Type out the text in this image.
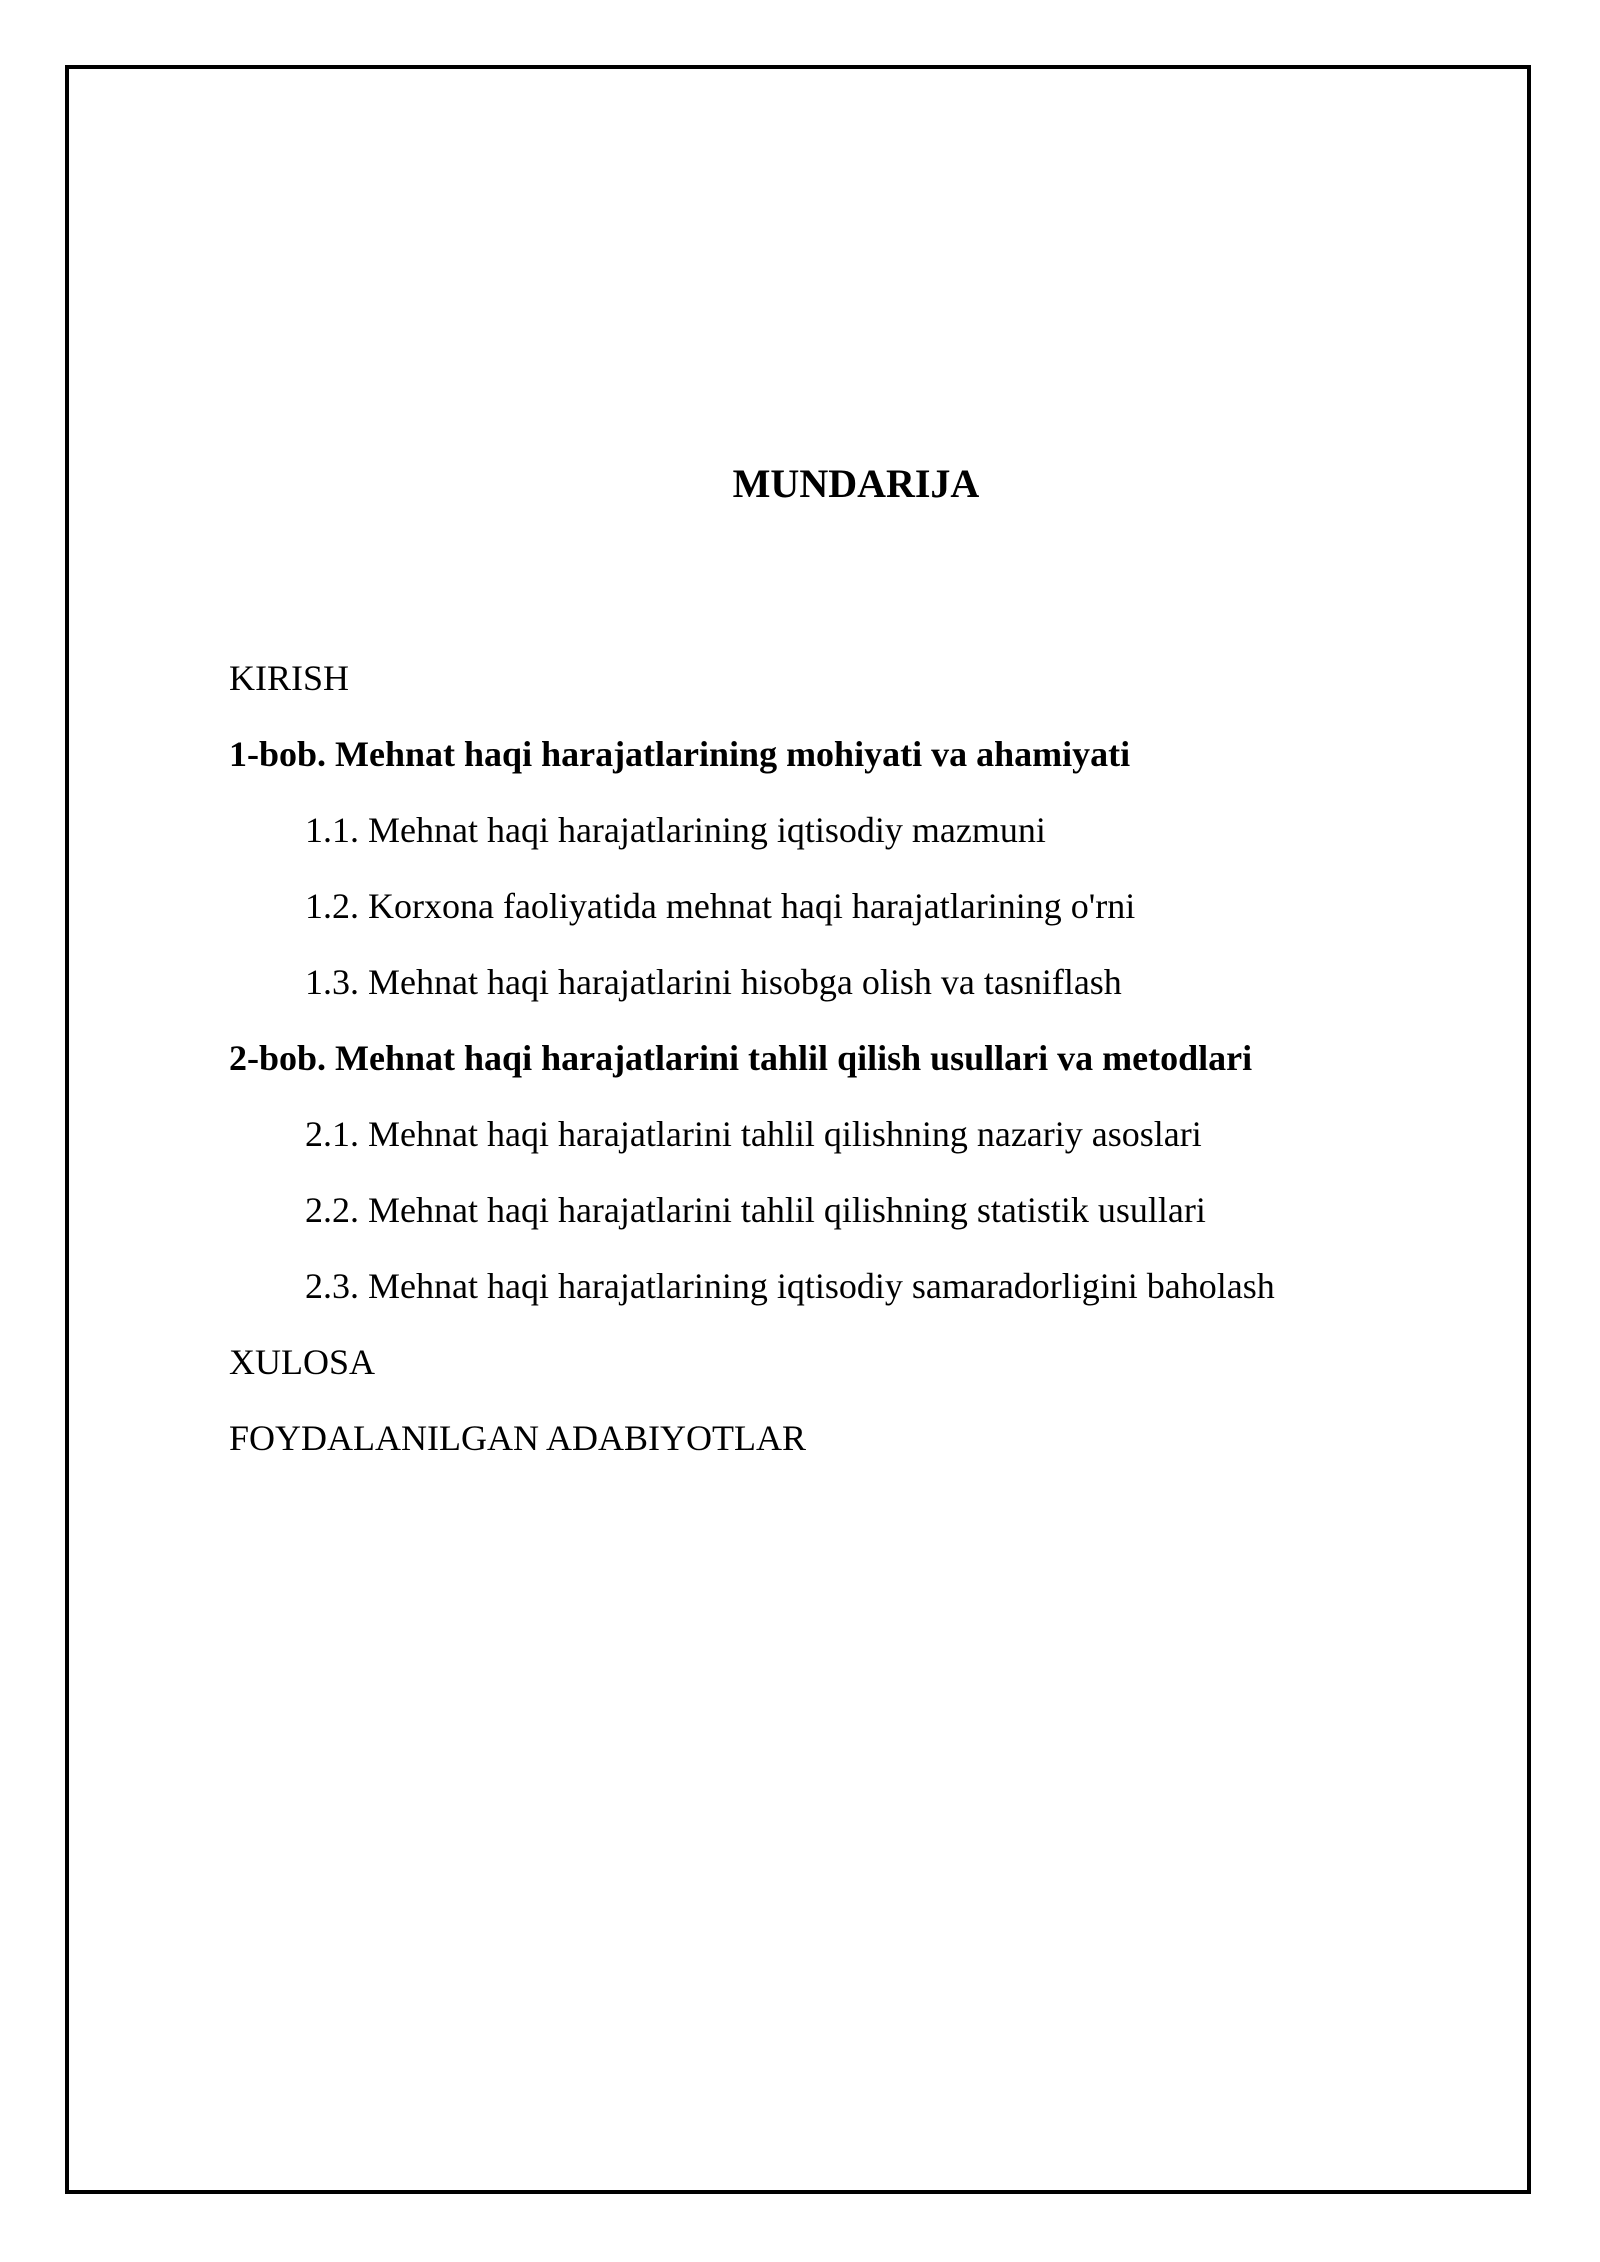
MUNDARIJA
KIRISH
1-bob. Mehnat haqi harajatlarining mohiyati va ahamiyati
1.1. Mehnat haqi harajatlarining iqtisodiy mazmuni
1.2. Korxona faoliyatida mehnat haqi harajatlarining o'rni
1.3. Mehnat haqi harajatlarini hisobga olish va tasniflash
2-bob. Mehnat haqi harajatlarini tahlil qilish usullari va metodlari
2.1. Mehnat haqi harajatlarini tahlil qilishning nazariy asoslari
2.2. Mehnat haqi harajatlarini tahlil qilishning statistik usullari
2.3. Mehnat haqi harajatlarining iqtisodiy samaradorligini baholash
XULOSA
FOYDALANILGAN ADABIYOTLAR
